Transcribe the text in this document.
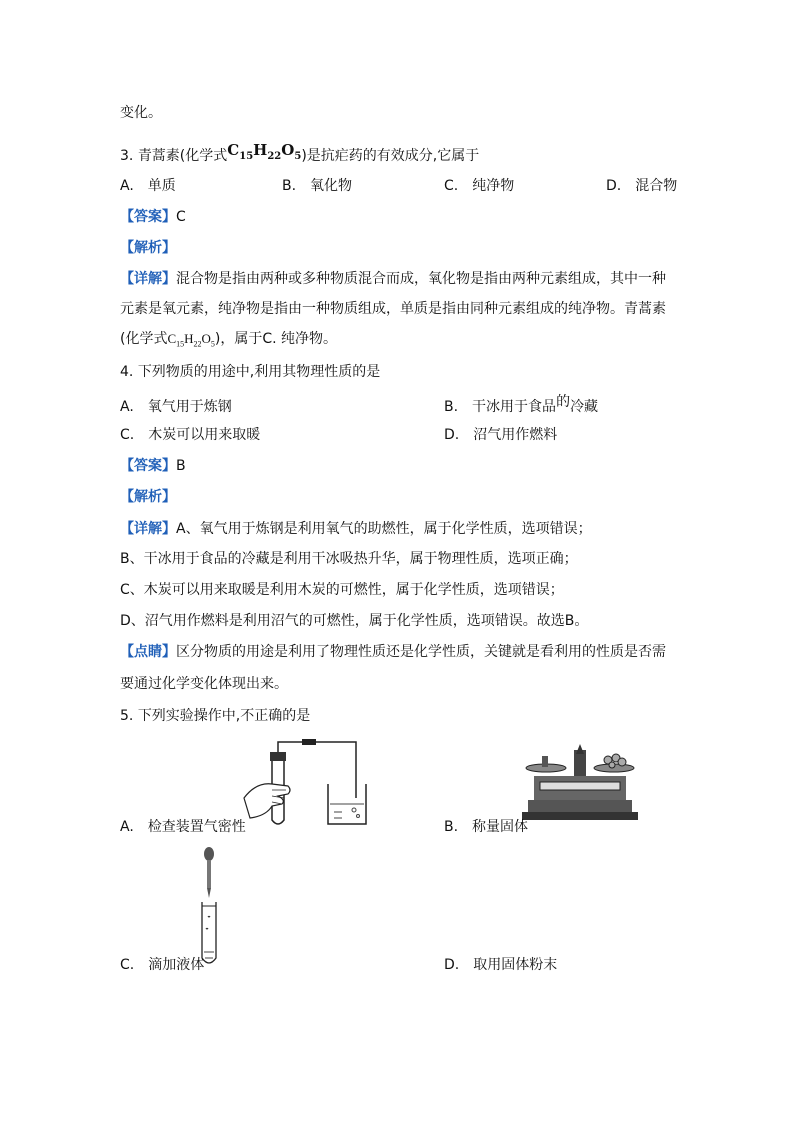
变化。
3. 青蒿素(化学式$C_{15}H_{22}O_5$)是抗疟药的有效成分,它属于
A.　单质	B.　氧化物	C.　纯净物	D.　混合物
【答案】C
【解析】
【详解】混合物是指由两种或多种物质混合而成，氧化物是指由两种元素组成，其中一种
元素是氧元素，纯净物是指由一种物质组成，单质是指由同种元素组成的纯净物。青蒿素
(化学式$C_{15}H_{22}O_5$)，属于C. 纯净物。
4. 下列物质的用途中,利用其物理性质的是
A.　氧气用于炼钢	B.　干冰用于食品的冷藏
C.　木炭可以用来取暖	D.　沼气用作燃料
【答案】B
【解析】
【详解】A、氧气用于炼钢是利用氧气的助燃性，属于化学性质，选项错误；
B、干冰用于食品的冷藏是利用干冰吸热升华，属于物理性质，选项正确；
C、木炭可以用来取暖是利用木炭的可燃性，属于化学性质，选项错误；
D、沼气用作燃料是利用沼气的可燃性，属于化学性质，选项错误。故选B。
【点睛】区分物质的用途是利用了物理性质还是化学性质，关键就是看利用的性质是否需
要通过化学变化体现出来。
5. 下列实验操作中,不正确的是
A.　检查装置气密性	B.　称量固体
C.　滴加液体	D.　取用固体粉末
